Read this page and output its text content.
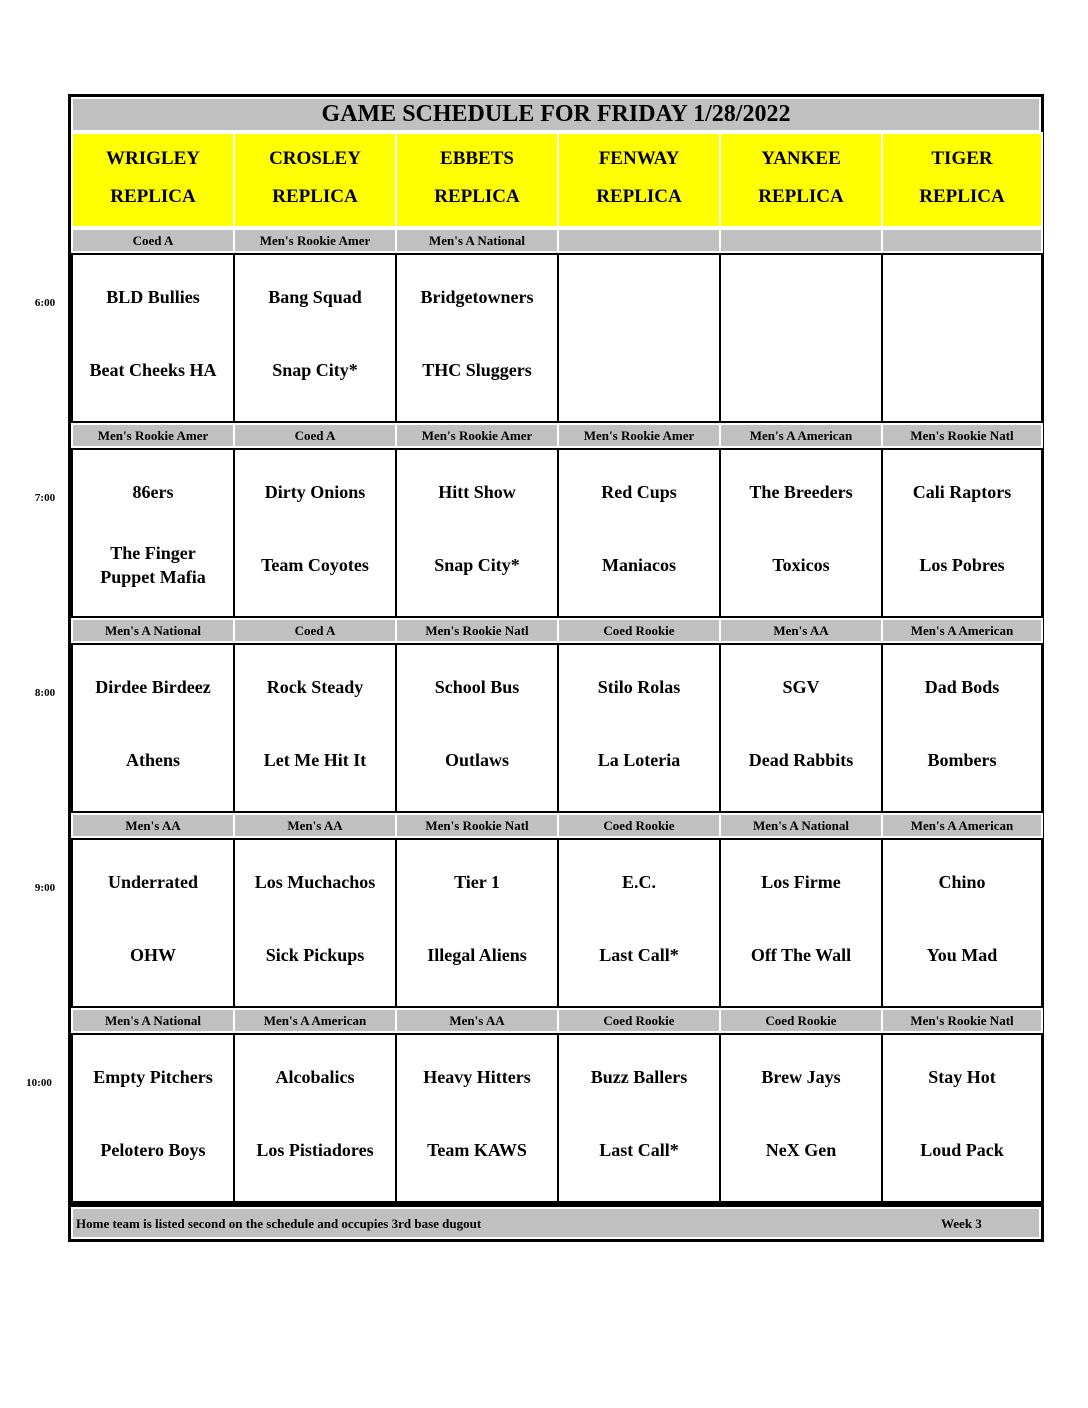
6:00
7:00
8:00
9:00
10:00
GAME SCHEDULE FOR FRIDAY 1/28/2022
WRIGLEY
REPLICA
CROSLEY
REPLICA
EBBETS
REPLICA
FENWAY
REPLICA
YANKEE
REPLICA
TIGER
REPLICA
Coed A
BLD Bullies
Beat Cheeks HA
Men's Rookie Amer
Bang Squad
Snap City*
Men's A National
Bridgetowners
THC Sluggers
Men's Rookie Amer
86ers
The Finger Puppet Mafia
Coed A
Dirty Onions
Team Coyotes
Men's Rookie Amer
Hitt Show
Snap City*
Men's Rookie Amer
Red Cups
Maniacos
Men's A American
The Breeders
Toxicos
Men's Rookie Natl
Cali Raptors
Los Pobres
Men's A National
Dirdee Birdeez
Athens
Coed A
Rock Steady
Let Me Hit It
Men's Rookie Natl
School Bus
Outlaws
Coed Rookie
Stilo Rolas
La Loteria
Men's AA
SGV
Dead Rabbits
Men's A American
Dad Bods
Bombers
Men's AA
Underrated
OHW
Men's AA
Los Muchachos
Sick Pickups
Men's Rookie Natl
Tier 1
Illegal Aliens
Coed Rookie
E.C.
Last Call*
Men's A National
Los Firme
Off The Wall
Men's A American
Chino
You Mad
Men's A National
Empty Pitchers
Pelotero Boys
Men's A American
Alcobalics
Los Pistiadores
Men's AA
Heavy Hitters
Team KAWS
Coed Rookie
Buzz Ballers
Last Call*
Coed Rookie
Brew Jays
NeX Gen
Men's Rookie Natl
Stay Hot
Loud Pack
Home team is listed second on the schedule and occupies 3rd base dugout	Week 3
